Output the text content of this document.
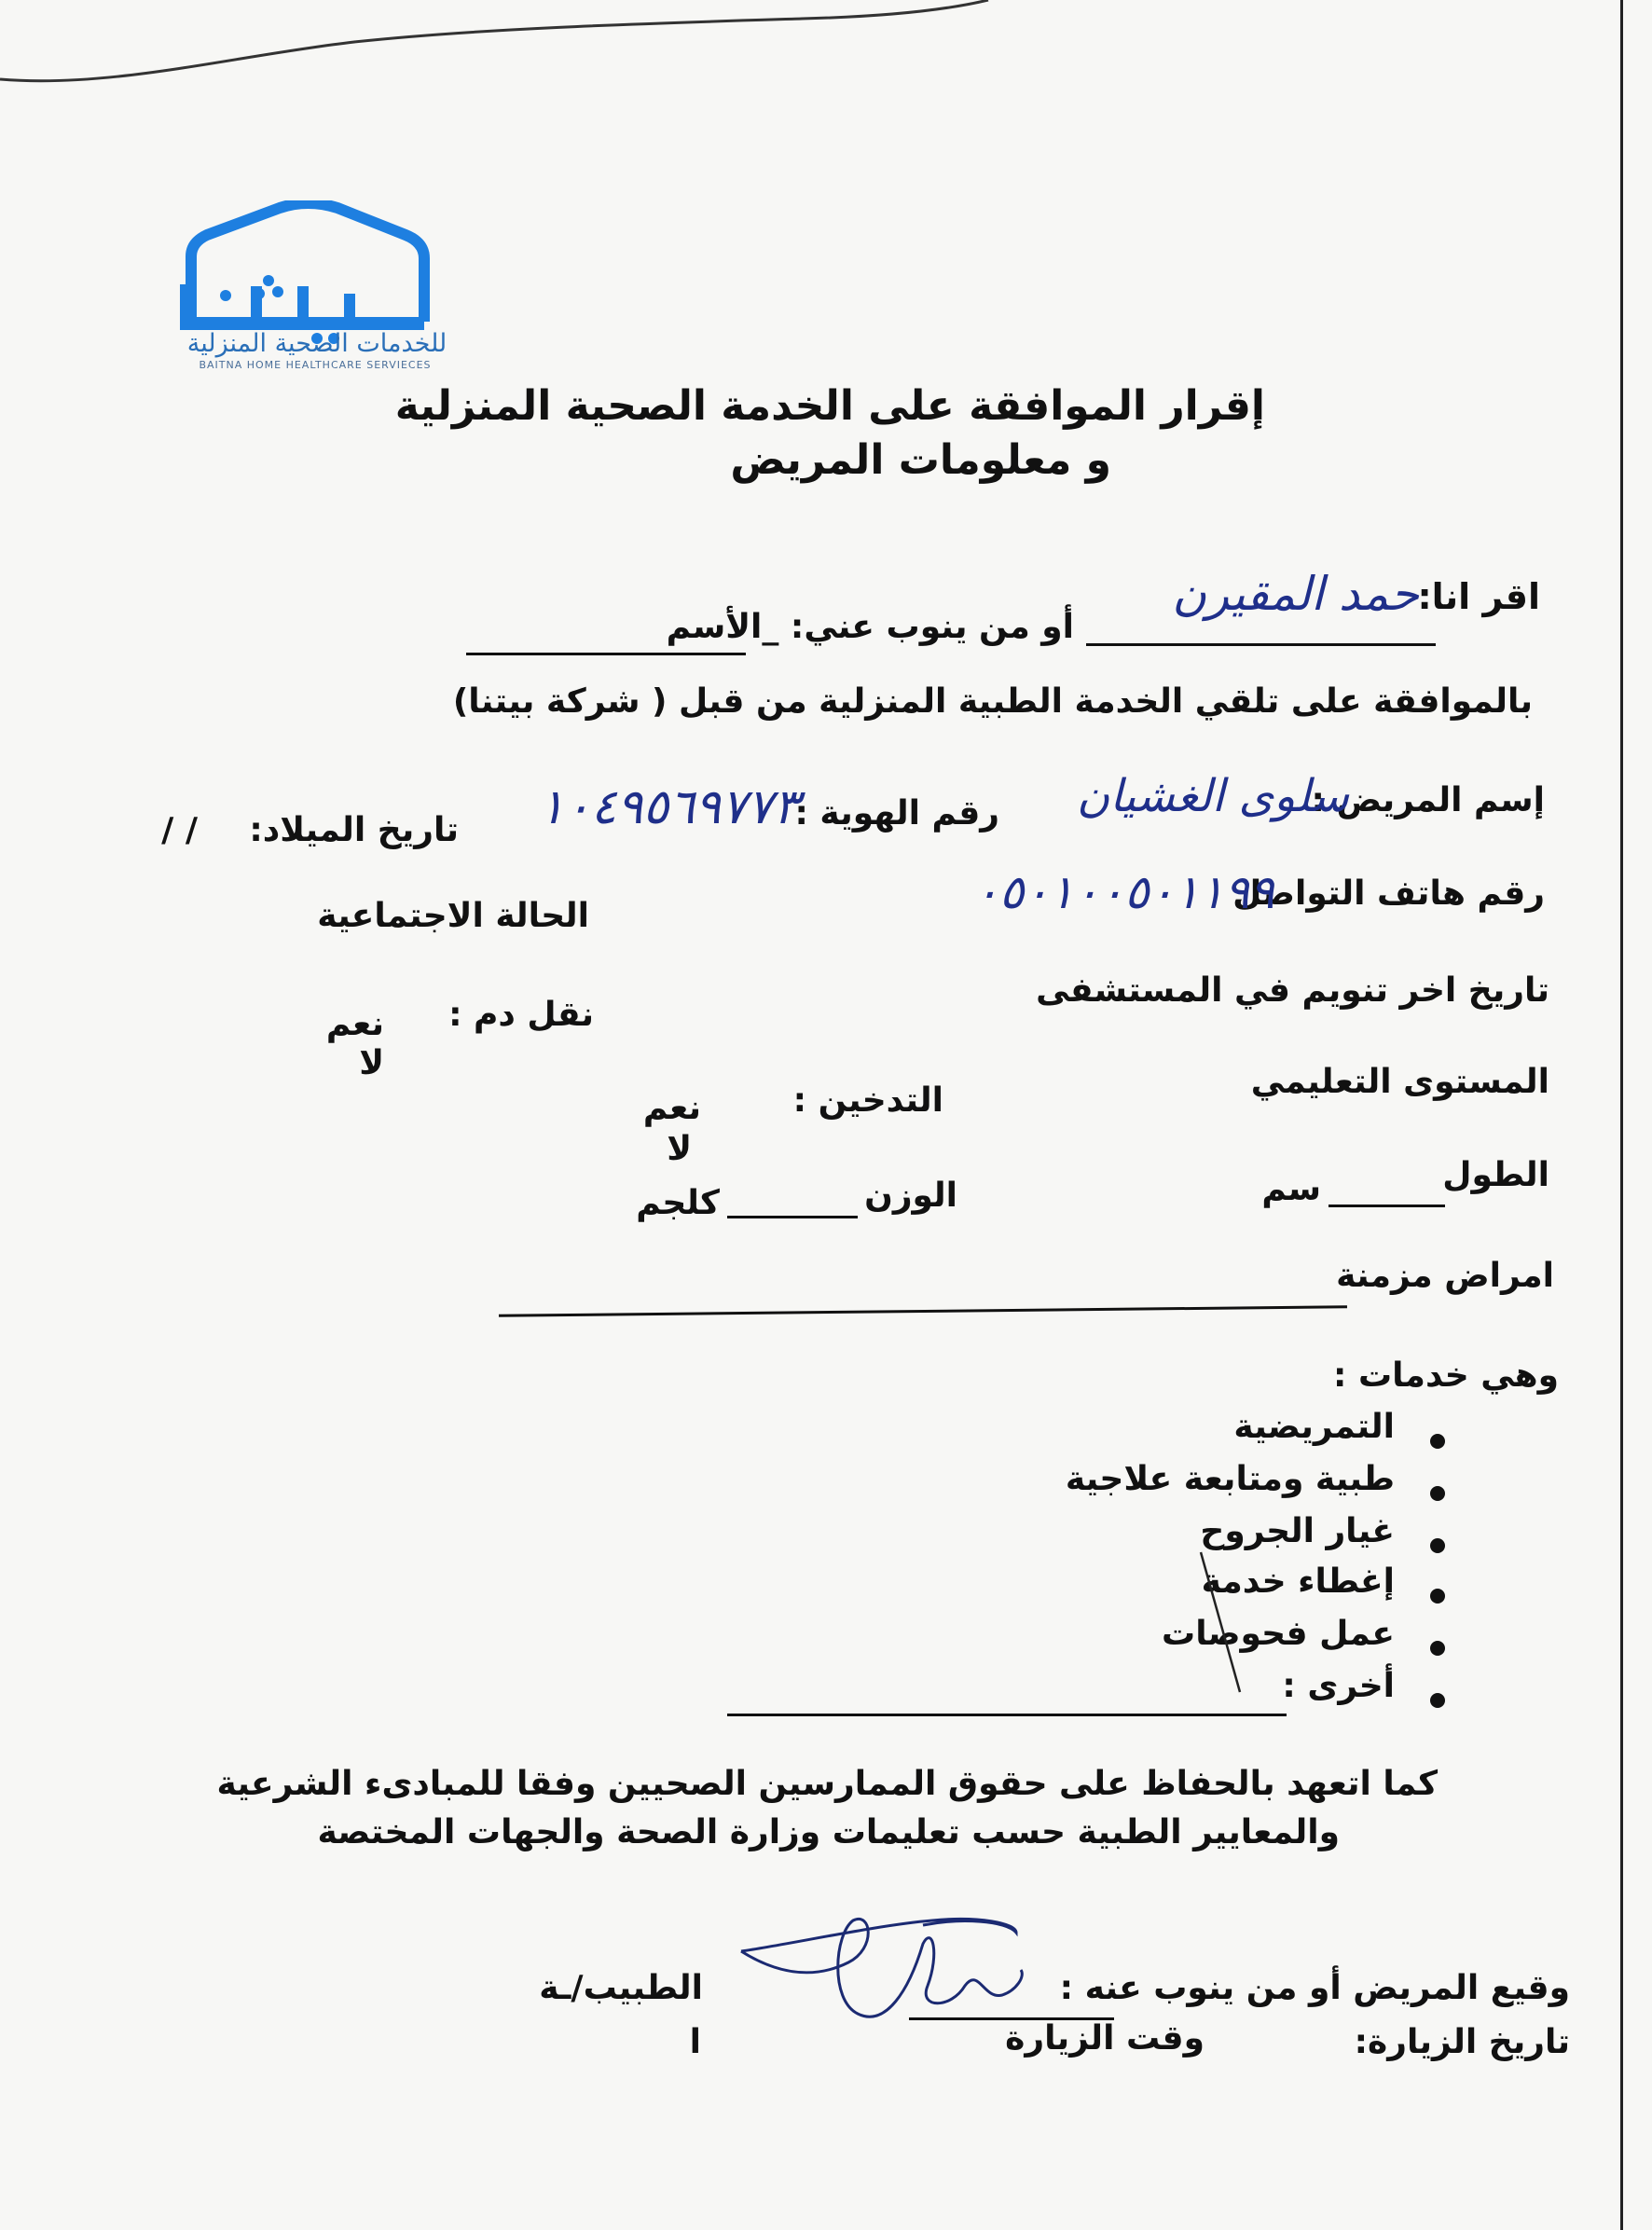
للخدمات الصحية المنزلية
BAITNA HOME HEALTHCARE SERVIECES
إقرار الموافقة على الخدمة الصحية المنزلية
و معلومات المريض
اقر انا:
حمد المقيرن
أو من ينوب عني: _الأسم
بالموافقة على تلقي الخدمة الطبية المنزلية من قبل ( شركة بيتنا)
إسم المريض :
سلوى الغشيان
رقم الهوية :
١٠٤٩٥٦٩٧٧٣
تاريخ الميلاد:
/ /
رقم هاتف التواصل
٠٥٠١٠٠٥٠١١٩٩
الحالة الاجتماعية
تاريخ اخر تنويم في المستشفى
نقل دم :
نعم
لا	المستوى التعليمي
التدخين :
نعم
لا
الطول
سم
الوزن
كلجم
امراض مزمنة
وهي خدمات :
التمريضية
طبية ومتابعة علاجية
غيار الجروح
إغطاء خدمة
عمل فحوصات
أخرى :
كما اتعهد بالحفاظ على حقوق الممارسين الصحيين وفقا للمبادىء الشرعية
والمعايير الطبية حسب تعليمات وزارة الصحة والجهات المختصة
وقيع المريض أو من ينوب عنه :
الطبيب/ـة
تاريخ الزيارة:
وقت الزيارة
ا
